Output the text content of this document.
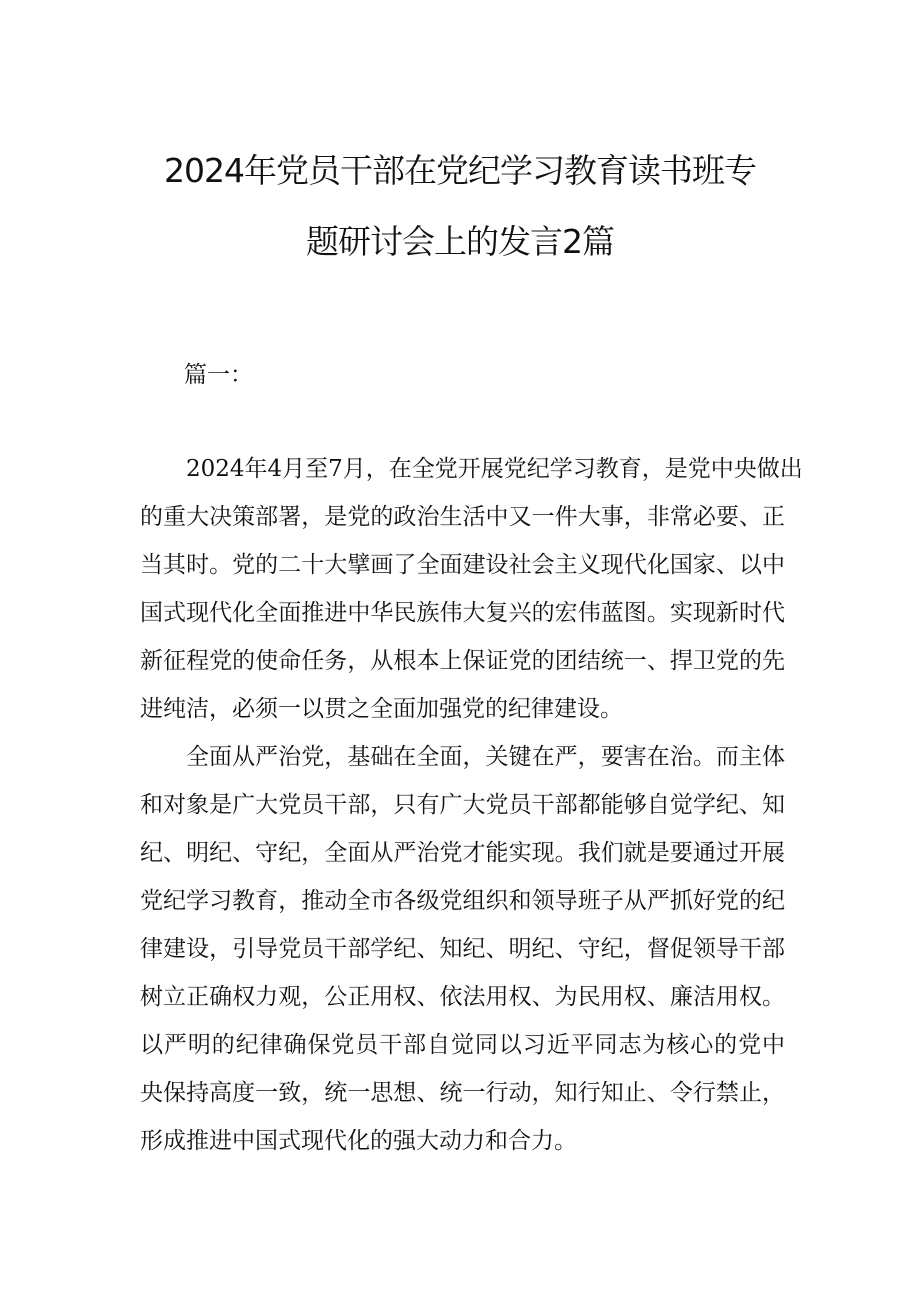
2024年党员干部在党纪学习教育读书班专
题研讨会上的发言2篇

篇一：

2024年4月至7月，在全党开展党纪学习教育，是党中央做出

的重大决策部署，是党的政治生活中又一件大事，非常必要、正

当其时。党的二十大擘画了全面建设社会主义现代化国家、以中

国式现代化全面推进中华民族伟大复兴的宏伟蓝图。实现新时代

新征程党的使命任务，从根本上保证党的团结统一、捍卫党的先

进纯洁，必须一以贯之全面加强党的纪律建设。

全面从严治党，基础在全面，关键在严，要害在治。而主体

和对象是广大党员干部，只有广大党员干部都能够自觉学纪、知

纪、明纪、守纪，全面从严治党才能实现。我们就是要通过开展

党纪学习教育，推动全市各级党组织和领导班子从严抓好党的纪

律建设，引导党员干部学纪、知纪、明纪、守纪，督促领导干部

树立正确权力观，公正用权、依法用权、为民用权、廉洁用权。

以严明的纪律确保党员干部自觉同以习近平同志为核心的党中

央保持高度一致，统一思想、统一行动，知行知止、令行禁止，

形成推进中国式现代化的强大动力和合力。
